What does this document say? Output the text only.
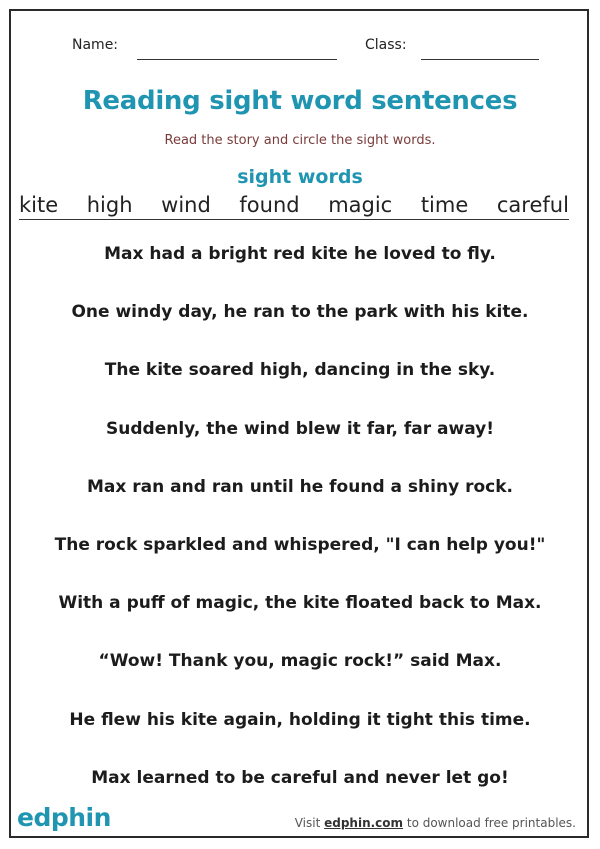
Name:	Class:
Reading sight word sentences
Read the story and circle the sight words.
sight words
kite high wind found magic time careful
Max had a bright red kite he loved to fly.
One windy day, he ran to the park with his kite.
The kite soared high, dancing in the sky.
Suddenly, the wind blew it far, far away!
Max ran and ran until he found a shiny rock.
The rock sparkled and whispered, "I can help you!"
With a puff of magic, the kite floated back to Max.
“Wow! Thank you, magic rock!” said Max.
He flew his kite again, holding it tight this time.
Max learned to be careful and never let go!
edphin	Visit edphin.com to download free printables.
